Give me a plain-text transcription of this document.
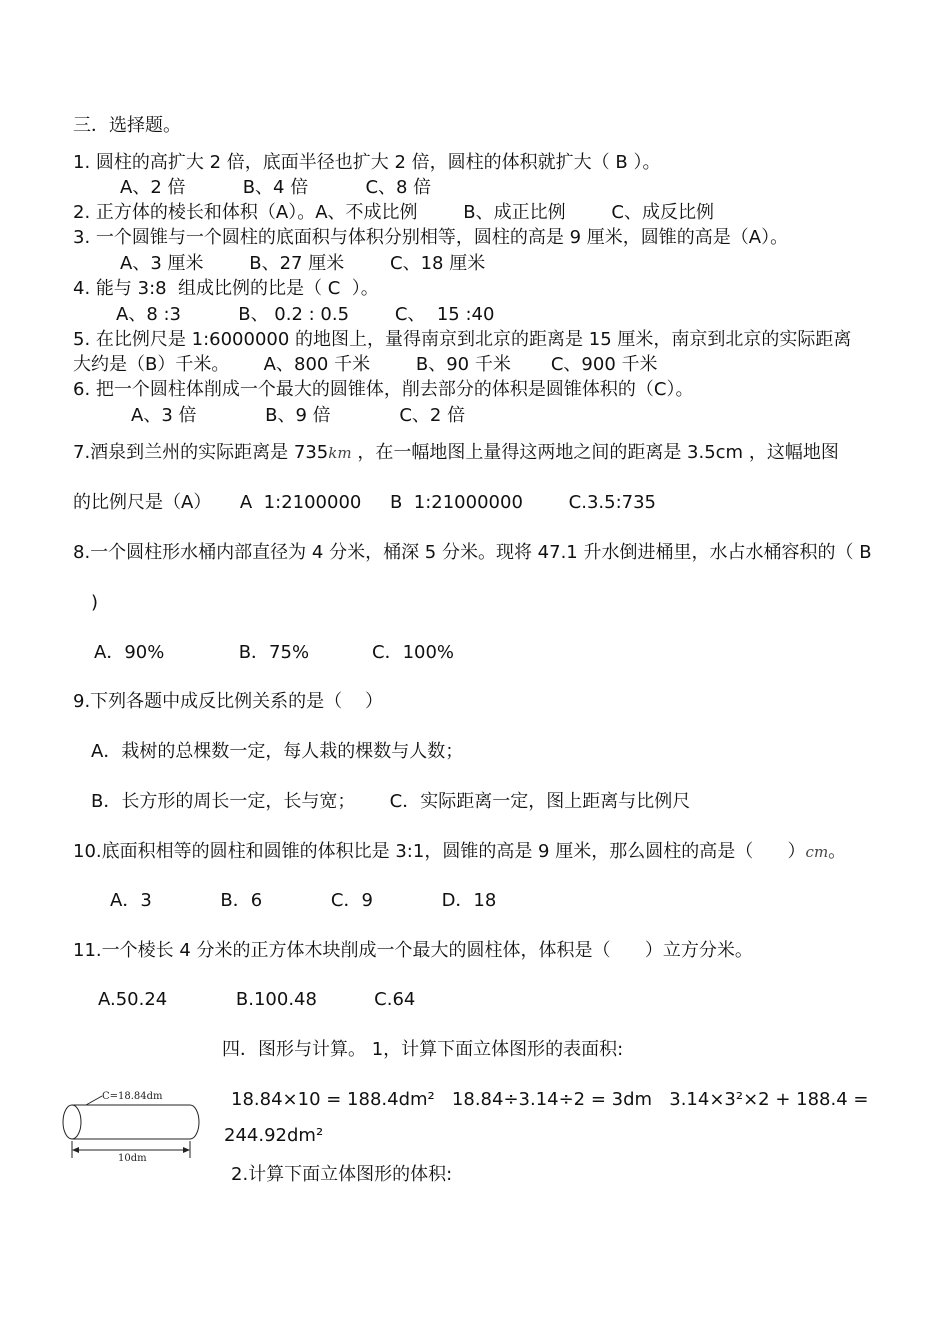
三．选择题。
1. 圆柱的高扩大 2 倍，底面半径也扩大 2 倍，圆柱的体积就扩大（ B ）。
A、2 倍          B、4 倍          C、8 倍
2. 正方体的棱长和体积（A）。A、不成比例        B、成正比例        C、成反比例
3. 一个圆锥与一个圆柱的底面积与体积分别相等，圆柱的高是 9 厘米，圆锥的高是（A）。
A、3 厘米        B、27 厘米        C、18 厘米
4. 能与 3:8  组成比例的比是（ C  ）。
A、8 :3          B、 0.2 : 0.5        C、  15 :40
5. 在比例尺是 1:6000000 的地图上，量得南京到北京的距离是 15 厘米，南京到北京的实际距离
大约是（B）千米。      A、800 千米        B、90 千米       C、900 千米
6. 把一个圆柱体削成一个最大的圆锥体，削去部分的体积是圆锥体积的（C）。
A、3 倍            B、9 倍            C、2 倍
7.酒泉到兰州的实际距离是 735km ，在一幅地图上量得这两地之间的距离是 3.5cm ，这幅地图
的比例尺是（A）     A  1:2100000     B  1:21000000        C.3.5:735
8.一个圆柱形水桶内部直径为 4 分米，桶深 5 分米。现将 47.1 升水倒进桶里，水占水桶容积的（ B
)
A．90%             B．75%           C．100%
9.下列各题中成反比例关系的是（    ）
A．栽树的总棵数一定，每人栽的棵数与人数；
B．长方形的周长一定，长与宽；      C．实际距离一定，图上距离与比例尺
10.底面积相等的圆柱和圆锥的体积比是 3:1，圆锥的高是 9 厘米，那么圆柱的高是（      ）cm。
A．3            B．6            C．9            D．18
11.一个棱长 4 分米的正方体木块削成一个最大的圆柱体，体积是（      ）立方分米。
A.50.24            B.100.48          C.64
四．图形与计算。 1，计算下面立体图形的表面积:
C=18.84dm
10dm
18.84×10 = 188.4dm²   18.84÷3.14÷2 = 3dm   3.14×3²×2 + 188.4 =
244.92dm²
2.计算下面立体图形的体积:
